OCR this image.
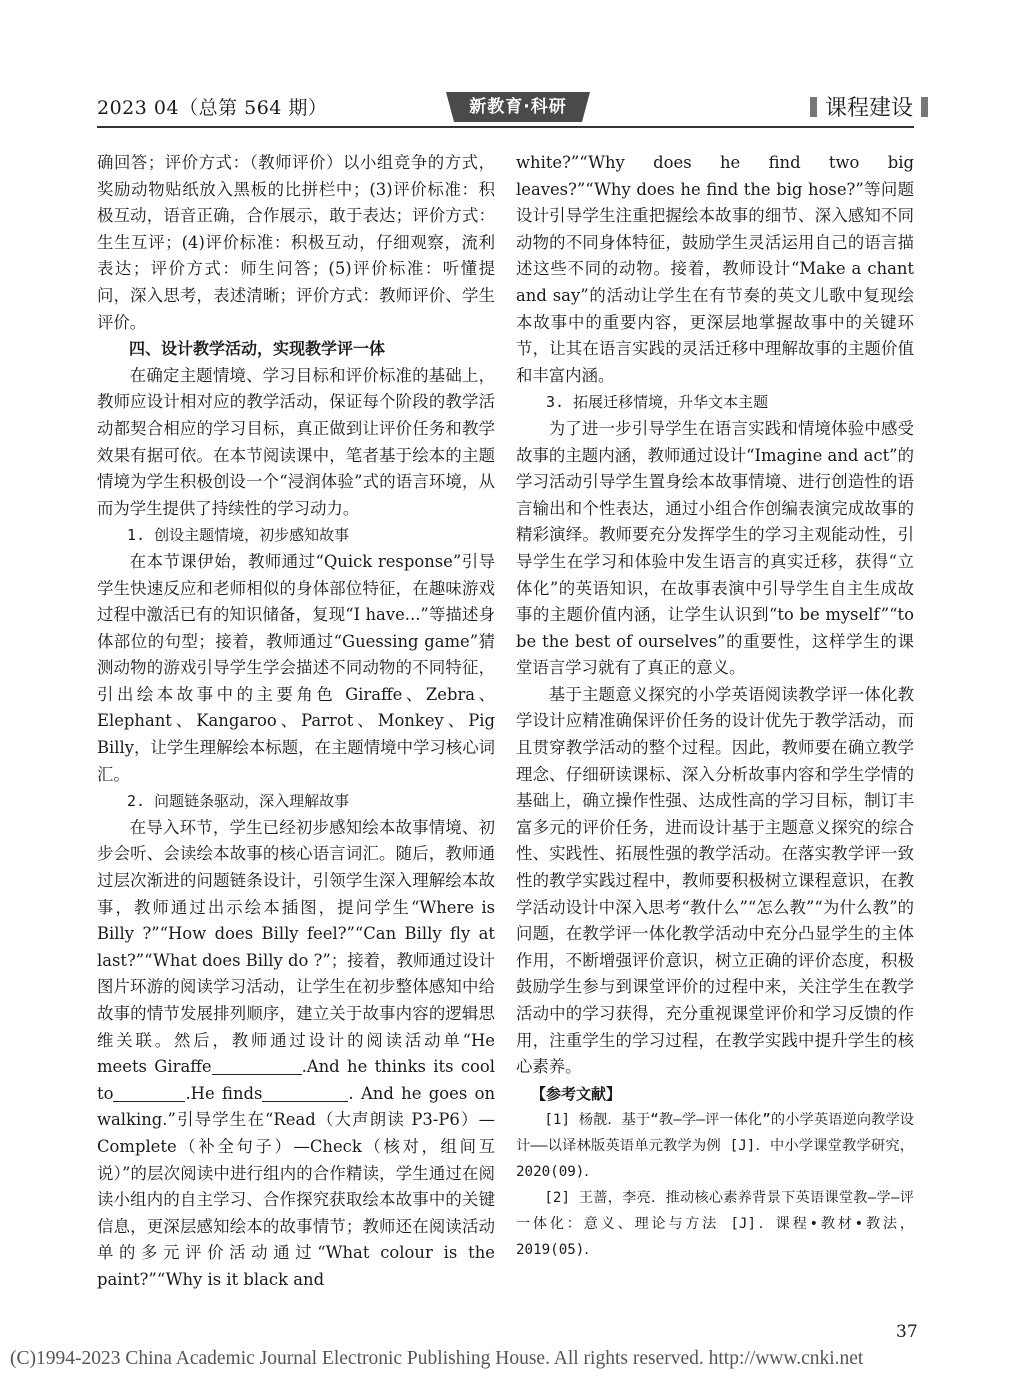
2023 04（总第 564 期）	新教育·科研	课程建设

确回答；评价方式：（教师评价）以小组竞争的方式，奖励动物贴纸放入黑板的比拼栏中；(3)评价标准：积极互动，语音正确，合作展示，敢于表达；评价方式：生生互评；(4)评价标准：积极互动，仔细观察，流利表达；评价方式：师生问答；(5)评价标准：听懂提问，深入思考，表述清晰；评价方式：教师评价、学生评价。

四、设计教学活动，实现教学评一体

在确定主题情境、学习目标和评价标准的基础上，教师应设计相对应的教学活动，保证每个阶段的教学活动都契合相应的学习目标，真正做到让评价任务和教学效果有据可依。在本节阅读课中，笔者基于绘本的主题情境为学生积极创设一个“浸润体验”式的语言环境，从而为学生提供了持续性的学习动力。

1. 创设主题情境，初步感知故事

在本节课伊始，教师通过“Quick response”引导学生快速反应和老师相似的身体部位特征，在趣味游戏过程中激活已有的知识储备，复现“I have...”等描述身体部位的句型；接着，教师通过“Guessing game”猜测动物的游戏引导学生学会描述不同动物的不同特征，引出绘本故事中的主要角色 Giraffe、Zebra、Elephant、Kangaroo、Parrot、Monkey、Pig Billy，让学生理解绘本标题，在主题情境中学习核心词汇。

2. 问题链条驱动，深入理解故事

在导入环节，学生已经初步感知绘本故事情境、初步会听、会读绘本故事的核心语言词汇。随后，教师通过层次渐进的问题链条设计，引领学生深入理解绘本故事，教师通过出示绘本插图，提问学生“Where is Billy ?”“How does Billy feel?”“Can Billy fly at last?”“What does Billy do ?”；接着，教师通过设计图片环游的阅读学习活动，让学生在初步整体感知中给故事的情节发展排列顺序，建立关于故事内容的逻辑思维关联。然后，教师通过设计的阅读活动单“He meets Giraffe	.And he thinks its cool to	.He finds	. And he goes on walking.”引导学生在“Read（大声朗读 P3-P6）—Complete（补全句子）—Check（核对，组间互说）”的层次阅读中进行组内的合作精读，学生通过在阅读小组内的自主学习、合作探究获取绘本故事中的关键信息，更深层感知绘本的故事情节；教师还在阅读活动单的多元评价活动通过“What colour is the paint?”“Why is it black and

white?”“Why does he find two big leaves?”“Why does he find the big hose?”等问题设计引导学生注重把握绘本故事的细节、深入感知不同动物的不同身体特征，鼓励学生灵活运用自己的语言描述这些不同的动物。接着，教师设计“Make a chant and say”的活动让学生在有节奏的英文儿歌中复现绘本故事中的重要内容，更深层地掌握故事中的关键环节，让其在语言实践的灵活迁移中理解故事的主题价值和丰富内涵。

3. 拓展迁移情境，升华文本主题

为了进一步引导学生在语言实践和情境体验中感受故事的主题内涵，教师通过设计“Imagine and act”的学习活动引导学生置身绘本故事情境、进行创造性的语言输出和个性表达，通过小组合作创编表演完成故事的精彩演绎。教师要充分发挥学生的学习主观能动性，引导学生在学习和体验中发生语言的真实迁移，获得“立体化”的英语知识，在故事表演中引导学生自主生成故事的主题价值内涵，让学生认识到“to be myself”“to be the best of ourselves”的重要性，这样学生的课堂语言学习就有了真正的意义。

基于主题意义探究的小学英语阅读教学评一体化教学设计应精准确保评价任务的设计优先于教学活动，而且贯穿教学活动的整个过程。因此，教师要在确立教学理念、仔细研读课标、深入分析故事内容和学生学情的基础上，确立操作性强、达成性高的学习目标，制订丰富多元的评价任务，进而设计基于主题意义探究的综合性、实践性、拓展性强的教学活动。在落实教学评一致性的教学实践过程中，教师要积极树立课程意识，在教学活动设计中深入思考“教什么”“怎么教”“为什么教”的问题，在教学评一体化教学活动中充分凸显学生的主体作用，不断增强评价意识，树立正确的评价态度，积极鼓励学生参与到课堂评价的过程中来，关注学生在教学活动中的学习获得，充分重视课堂评价和学习反馈的作用，注重学生的学习过程，在教学实践中提升学生的核心素养。

【参考文献】

[1] 杨靓．基于“教—学—评一体化”的小学英语逆向教学设计——以译林版英语单元教学为例 [J]．中小学课堂教学研究，2020(09)．

[2] 王蔷，李亮．推动核心素养背景下英语课堂教—学—评一体化：意义、理论与方法 [J]．课程•教材•教法，2019(05)．

37
(C)1994-2023 China Academic Journal Electronic Publishing House. All rights reserved. http://www.cnki.net
